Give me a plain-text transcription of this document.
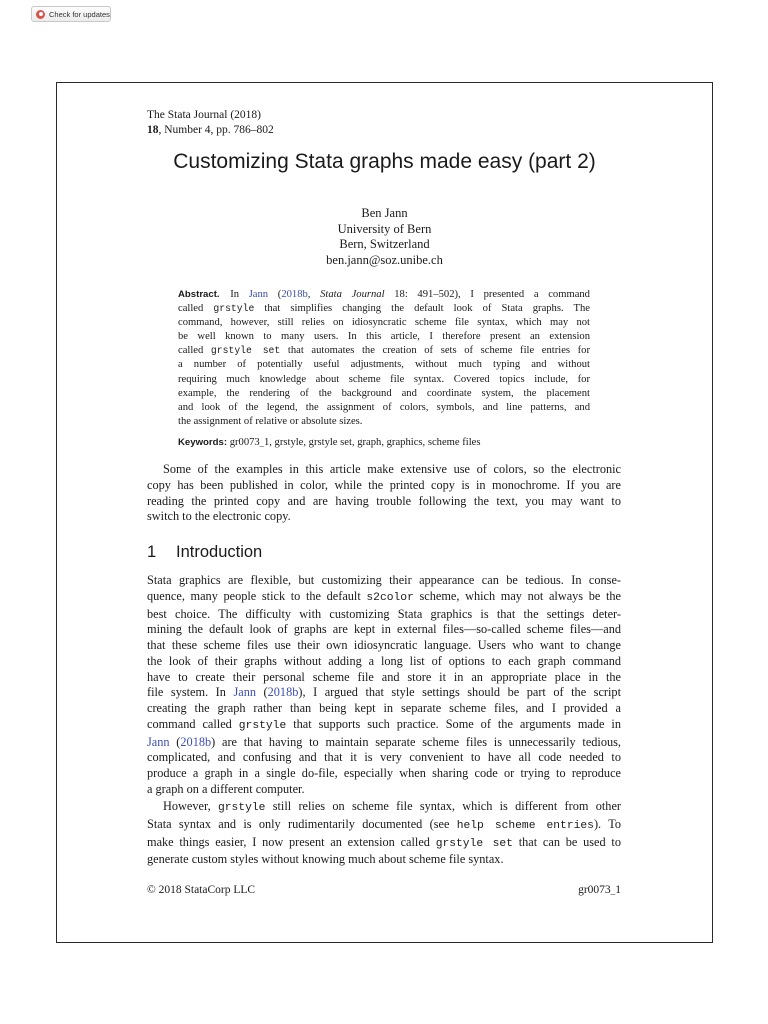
Check for updates
The Stata Journal (2018)
18, Number 4, pp. 786–802
Customizing Stata graphs made easy (part 2)
Ben Jann
University of Bern
Bern, Switzerland
ben.jann@soz.unibe.ch
Abstract.  In Jann (2018b, Stata Journal 18: 491–502), I presented a command
called grstyle that simplifies changing the default look of Stata graphs. The
command, however, still relies on idiosyncratic scheme file syntax, which may not
be well known to many users. In this article, I therefore present an extension
called grstyle set that automates the creation of sets of scheme file entries for
a number of potentially useful adjustments, without much typing and without
requiring much knowledge about scheme file syntax. Covered topics include, for
example, the rendering of the background and coordinate system, the placement
and look of the legend, the assignment of colors, symbols, and line patterns, and
the assignment of relative or absolute sizes.
Keywords: gr0073_1, grstyle, grstyle set, graph, graphics, scheme files
Some of the examples in this article make extensive use of colors, so the electronic
copy has been published in color, while the printed copy is in monochrome. If you are
reading the printed copy and are having trouble following the text, you may want to
switch to the electronic copy.
1 Introduction
Stata graphics are flexible, but customizing their appearance can be tedious. In conse-
quence, many people stick to the default s2color scheme, which may not always be the
best choice. The difficulty with customizing Stata graphics is that the settings deter-
mining the default look of graphs are kept in external files—so-called scheme files—and
that these scheme files use their own idiosyncratic language. Users who want to change
the look of their graphs without adding a long list of options to each graph command
have to create their personal scheme file and store it in an appropriate place in the
file system. In Jann (2018b), I argued that style settings should be part of the script
creating the graph rather than being kept in separate scheme files, and I provided a
command called grstyle that supports such practice. Some of the arguments made in
Jann (2018b) are that having to maintain separate scheme files is unnecessarily tedious,
complicated, and confusing and that it is very convenient to have all code needed to
produce a graph in a single do-file, especially when sharing code or trying to reproduce
a graph on a different computer.
However, grstyle still relies on scheme file syntax, which is different from other
Stata syntax and is only rudimentarily documented (see help scheme entries). To
make things easier, I now present an extension called grstyle set that can be used to
generate custom styles without knowing much about scheme file syntax.
© 2018 StataCorp LLC	gr0073_1
